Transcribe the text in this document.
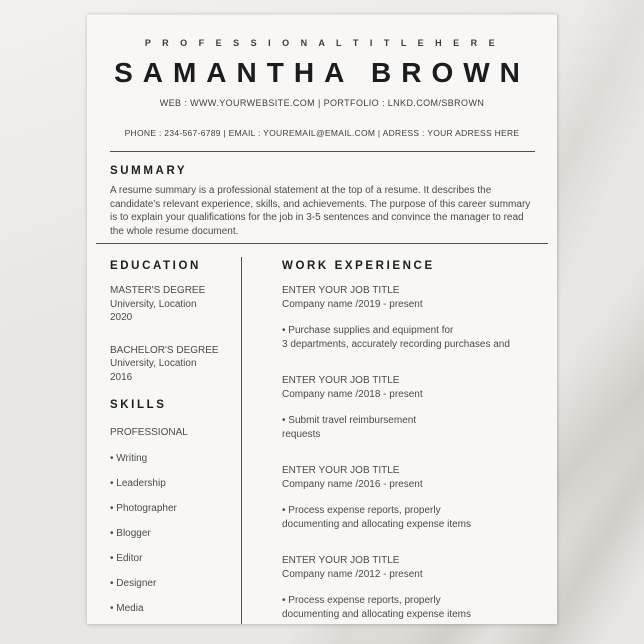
P R O F E S S I O N A L T I T L E H E R E
SAMANTHA BROWN
WEB : WWW.YOURWEBSITE.COM | PORTFOLIO : LNKD.COM/SBROWN
PHONE : 234-567-6789 | EMAIL : YOUREMAIL@EMAIL.COM | ADRESS : YOUR ADRESS HERE
SUMMARY

A resume summary is a professional statement at the top of a resume. It describes the candidate's relevant experience, skills, and achievements. The purpose of this career summary is to explain your qualifications for the job in 3-5 sentences and convince the manager to read the whole resume document.

EDUCATION
MASTER'S DEGREE
University, Location
2020
BACHELOR'S DEGREE
University, Location
2016
SKILLS
PROFESSIONAL
• Writing
• Leadership
• Photographer
• Blogger
• Editor
• Designer
• Media
WORK EXPERIENCE
ENTER YOUR JOB TITLE
Company name /2019 - present
• Purchase supplies and equipment for
3 departments, accurately recording purchases and
ENTER YOUR JOB TITLE
Company name /2018 - present
• Submit travel reimbursement
requests
ENTER YOUR JOB TITLE
Company name /2016 - present
• Process expense reports, properly
documenting and allocating expense items
ENTER YOUR JOB TITLE
Company name /2012 - present
• Process expense reports, properly
documenting and allocating expense items
